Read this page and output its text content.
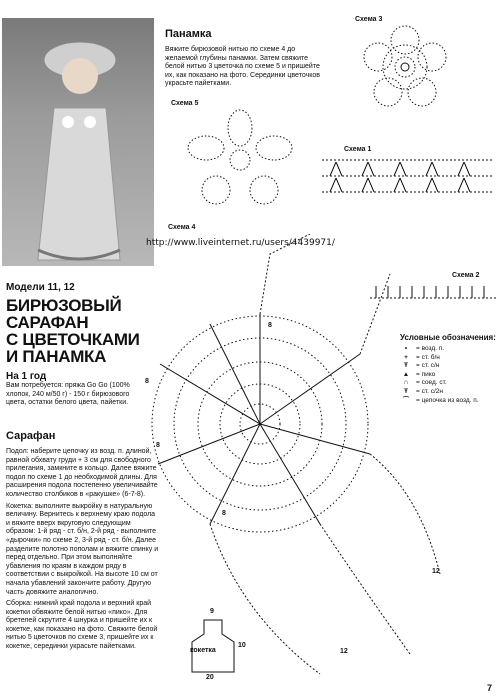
Панамка
Вяжите бирюзовой нитью по схеме 4 до желаемой глубины панамки. Затем свяжите белой нитью 3 цветочка по схеме 5 и пришейте их, как показано на фото. Серединки цветочков украсьте пайетками.
Схема 3
Схема 5
Схема 1
Схема 4
Схема 2
http://www.liveinternet.ru/users/4439971/
8
8
8
8
12
12
Условные обозначения:
•	= возд. п.
+	= ст. б/н
Ŧ	= ст. с/н
▲	= пико
∩	= соед. ст.
Ŧ	= ст. с/2н
⁀	= цепочка из возд. п.
Модели 11, 12
БИРЮЗОВЫЙ
САРАФАН
С ЦВЕТОЧКАМИ
И ПАНАМКА
На 1 год
Вам потребуется: пряжа Go Go (100% хлопок, 240 м/50 г) - 150 г бирюзового цвета, остатки белого цвета, пайетки.
Сарафан

Подол: наберите цепочку из возд. п. длиной, равной обхвату груди + 3 см для свободного прилегания, замкните в кольцо. Далее вяжите подол по схеме 1 до необходимой длины. Для расширения подола постепенно увеличивайте количество столбиков в «ракушке» (6-7-8).

Кокетка: выполните выкройку в натуральную величину. Вернитесь к верхнему краю подола и вяжите вверх вкруговую следующим образом: 1-й ряд - ст. б/н, 2-й ряд - выполните «дырочки» по схеме 2, 3-й ряд - ст. б/н. Далее разделите полотно пополам и вяжите спинку и перед отдельно. При этом выполняйте убавления по краям в каждом ряду в соответствии с выкройкой. На высоте 10 см от начала убавлений закончите работу. Другую часть довяжите аналогично.

Сборка: нижний край подола и верхний край кокетки обвяжите белой нитью «пико». Для бретелей скрутите 4 шнурка и пришейте их к кокетке, как показано на фото. Свяжите белой нитью 5 цветочков по схеме 3, пришейте их к кокетке, серединки украсьте пайетками.

9
10
20
кокетка
7
